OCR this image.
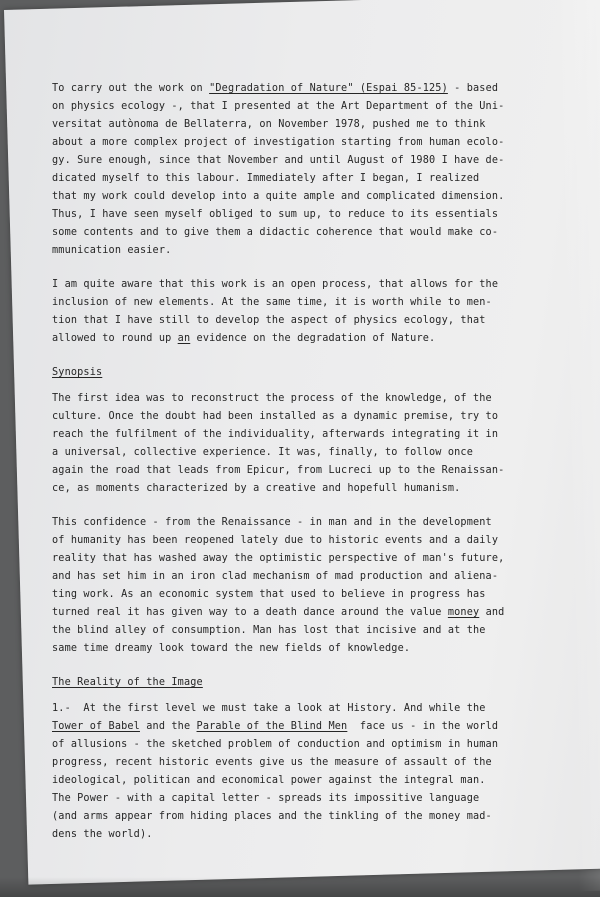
To carry out the work on "Degradation of Nature" (Espai 85-125) - based
on physics ecology -, that I presented at the Art Department of the Uni-
versitat autònoma de Bellaterra, on November 1978, pushed me to think
about a more complex project of investigation starting from human ecolo-
gy. Sure enough, since that November and until August of 1980 I have de-
dicated myself to this labour. Immediately after I began, I realized
that my work could develop into a quite ample and complicated dimension.
Thus, I have seen myself obliged to sum up, to reduce to its essentials
some contents and to give them a didactic coherence that would make co-
mmunication easier.
I am quite aware that this work is an open process, that allows for the
inclusion of new elements. At the same time, it is worth while to men-
tion that I have still to develop the aspect of physics ecology, that
allowed to round up an evidence on the degradation of Nature.
Synopsis
The first idea was to reconstruct the process of the knowledge, of the
culture. Once the doubt had been installed as a dynamic premise, try to
reach the fulfilment of the individuality, afterwards integrating it in
a universal, collective experience. It was, finally, to follow once
again the road that leads from Epicur, from Lucreci up to the Renaissan-
ce, as moments characterized by a creative and hopefull humanism.
This confidence - from the Renaissance - in man and in the development
of humanity has been reopened lately due to historic events and a daily
reality that has washed away the optimistic perspective of man's future,
and has set him in an iron clad mechanism of mad production and aliena-
ting work. As an economic system that used to believe in progress has
turned real it has given way to a death dance around the value money and
the blind alley of consumption. Man has lost that incisive and at the
same time dreamy look toward the new fields of knowledge.
The Reality of the Image
1.-  At the first level we must take a look at History. And while the
Tower of Babel and the Parable of the Blind Men  face us - in the world
of allusions - the sketched problem of conduction and optimism in human
progress, recent historic events give us the measure of assault of the
ideological, politican and economical power against the integral man.
The Power - with a capital letter - spreads its impossitive language
(and arms appear from hiding places and the tinkling of the money mad-
dens the world).
